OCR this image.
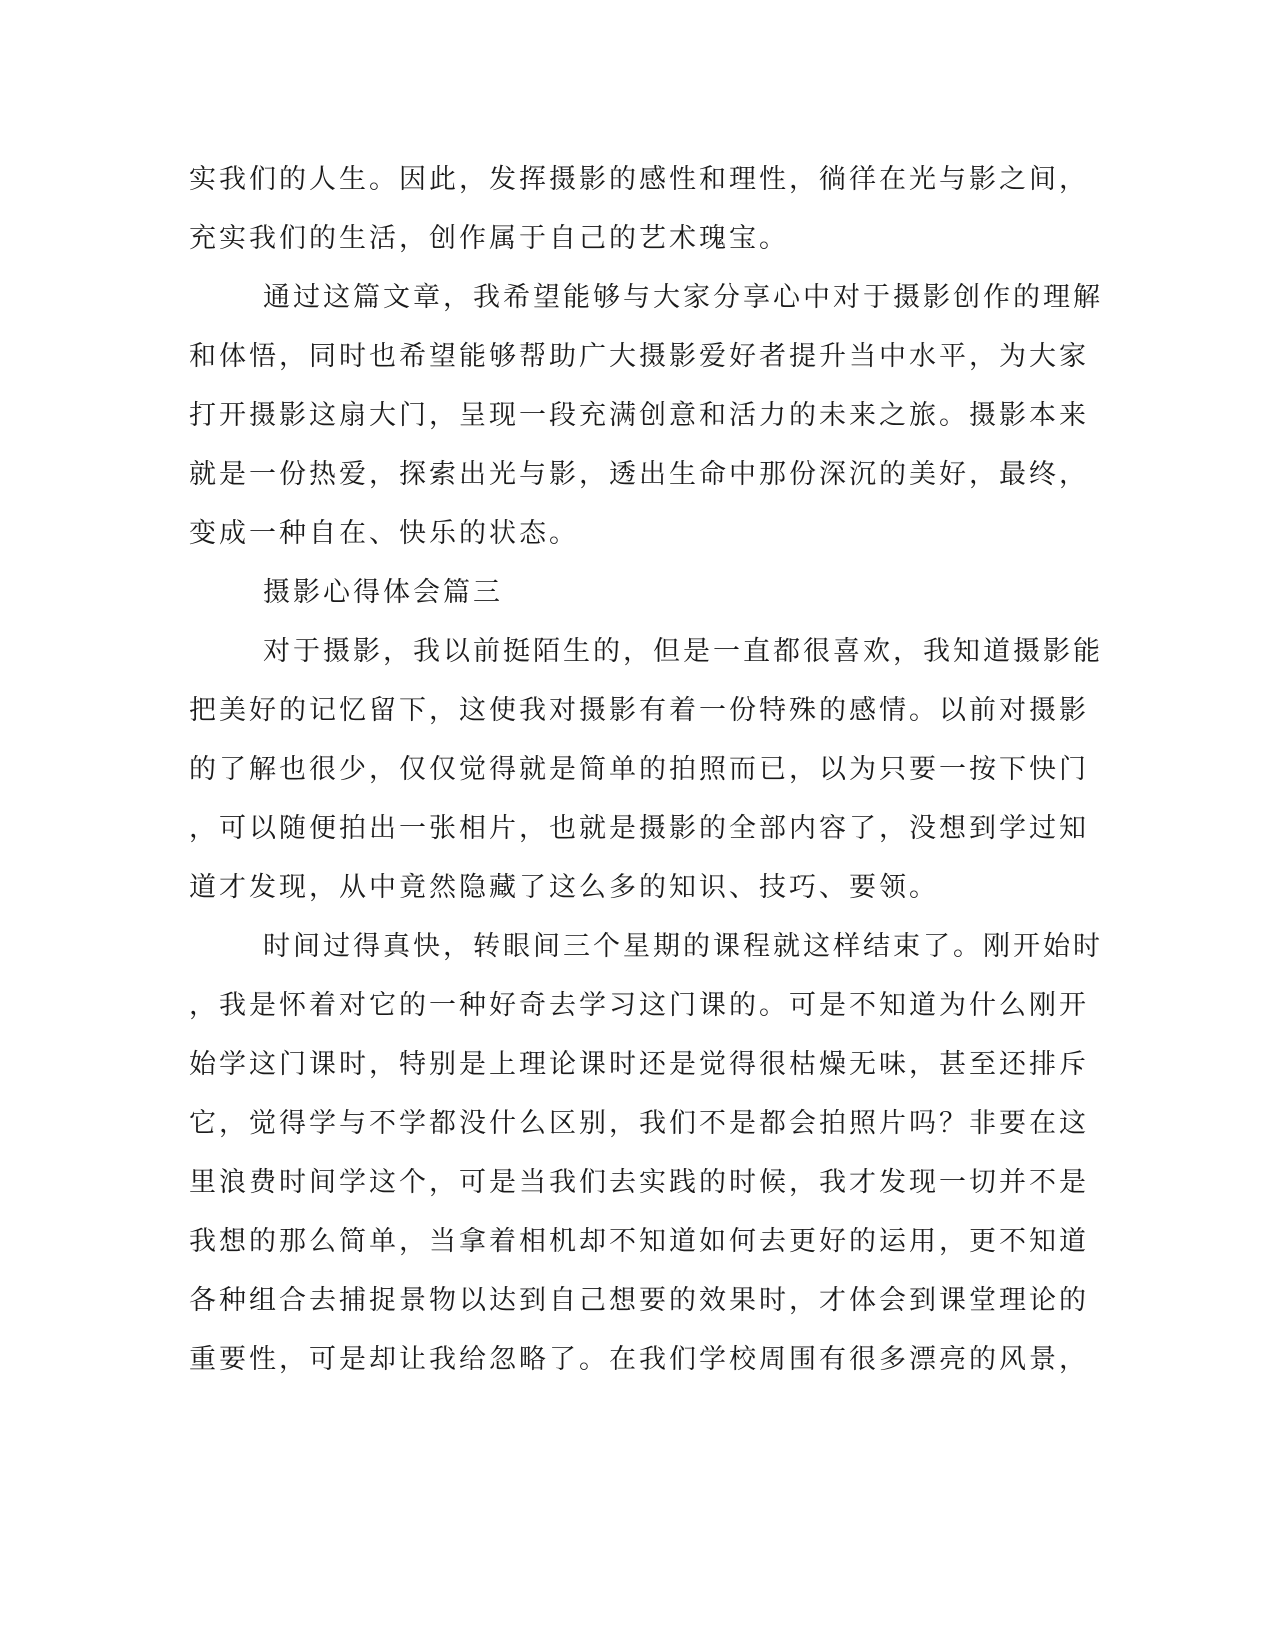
实我们的人生。因此，发挥摄影的感性和理性，徜徉在光与影之间，
充实我们的生活，创作属于自己的艺术瑰宝。
通过这篇文章，我希望能够与大家分享心中对于摄影创作的理解
和体悟，同时也希望能够帮助广大摄影爱好者提升当中水平，为大家
打开摄影这扇大门，呈现一段充满创意和活力的未来之旅。摄影本来
就是一份热爱，探索出光与影，透出生命中那份深沉的美好，最终，
变成一种自在、快乐的状态。
摄影心得体会篇三
对于摄影，我以前挺陌生的，但是一直都很喜欢，我知道摄影能
把美好的记忆留下，这使我对摄影有着一份特殊的感情。以前对摄影
的了解也很少，仅仅觉得就是简单的拍照而已，以为只要一按下快门
，可以随便拍出一张相片，也就是摄影的全部内容了，没想到学过知
道才发现，从中竟然隐藏了这么多的知识、技巧、要领。
时间过得真快，转眼间三个星期的课程就这样结束了。刚开始时
，我是怀着对它的一种好奇去学习这门课的。可是不知道为什么刚开
始学这门课时，特别是上理论课时还是觉得很枯燥无味，甚至还排斥
它，觉得学与不学都没什么区别，我们不是都会拍照片吗？非要在这
里浪费时间学这个，可是当我们去实践的时候，我才发现一切并不是
我想的那么简单，当拿着相机却不知道如何去更好的运用，更不知道
各种组合去捕捉景物以达到自己想要的效果时，才体会到课堂理论的
重要性，可是却让我给忽略了。在我们学校周围有很多漂亮的风景，
